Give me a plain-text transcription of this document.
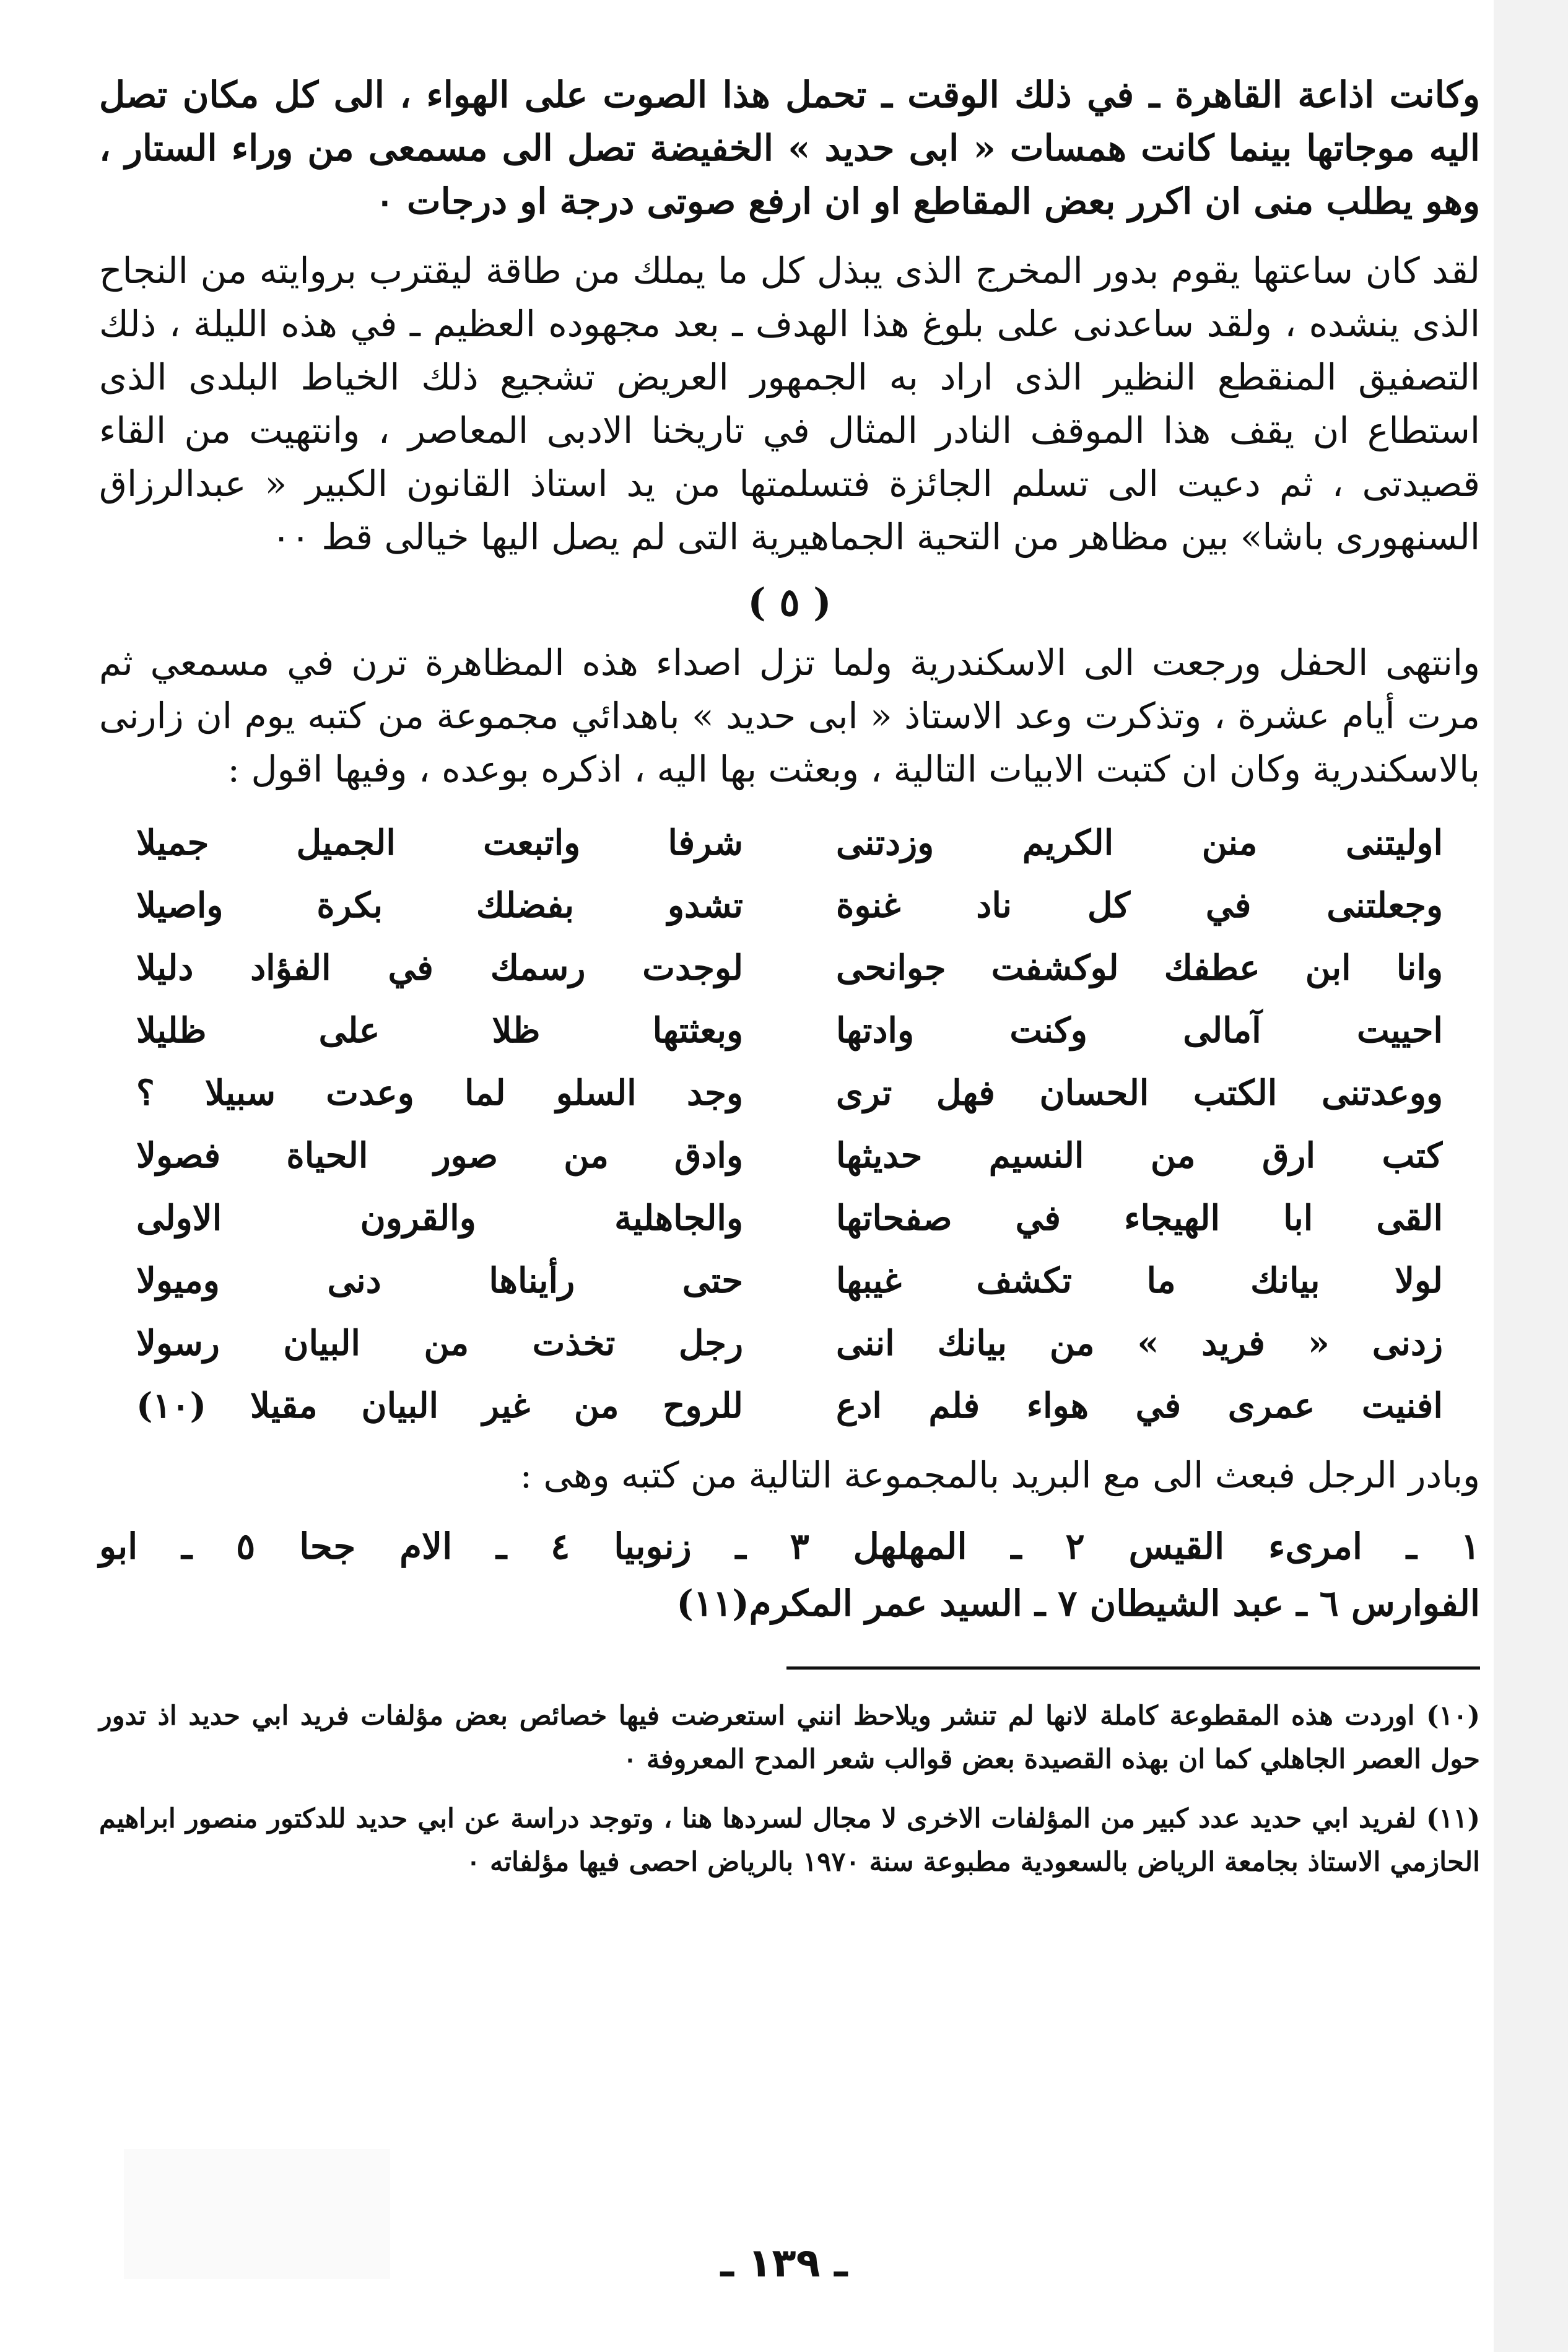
وكانت اذاعة القاهرة ـ في ذلك الوقت ـ تحمل هذا الصوت على الهواء ، الى كل مكان تصل اليه موجاتها بينما كانت همسات « ابى حديد » الخفيضة تصل الى مسمعى من وراء الستار ، وهو يطلب منى ان اكرر بعض المقاطع او ان ارفع صوتى درجة او درجات ٠

لقد كان ساعتها يقوم بدور المخرج الذى يبذل كل ما يملك من طاقة ليقترب بروايته من النجاح الذى ينشده ، ولقد ساعدنى على بلوغ هذا الهدف ـ بعد مجهوده العظيم ـ في هذه الليلة ، ذلك التصفيق المنقطع النظير الذى اراد به الجمهور العريض تشجيع ذلك الخياط البلدى الذى استطاع ان يقف هذا الموقف النادر المثال في تاريخنا الادبى المعاصر ، وانتهيت من القاء قصيدتى ، ثم دعيت الى تسلم الجائزة فتسلمتها من يد استاذ القانون الكبير « عبدالرزاق السنهورى باشا» بين مظاهر من التحية الجماهيرية التى لم يصل اليها خيالى قط ٠٠

( ٥ )

وانتهى الحفل ورجعت الى الاسكندرية ولما تزل اصداء هذه المظاهرة ترن في مسمعي ثم مرت أيام عشرة ، وتذكرت وعد الاستاذ « ابى حديد » باهدائي مجموعة من كتبه يوم ان زارنى بالاسكندرية وكان ان كتبت الابيات التالية ، وبعثت بها اليه ، اذكره بوعده ، وفيها اقول :

اوليتنى منن الكريم وزدتنى
شرفا واتبعت الجميل جميلا
وجعلتنى في كل ناد غنوة
تشدو بفضلك بكرة واصيلا
وانا ابن عطفك لوكشفت جوانحى
لوجدت رسمك في الفؤاد دليلا
احييت آمالى وكنت وادتها
وبعثتها ظلا على ظليلا
ووعدتنى الكتب الحسان فهل ترى
وجد السلو لما وعدت سبيلا ؟
كتب ارق من النسيم حديثها
وادق من صور الحياة فصولا
القى ابا الهيجاء في صفحاتها
والجاهلية والقرون الاولى
لولا بيانك ما تكشف غيبها
حتى رأيناها دنى وميولا
زدنى « فريد » من بيانك اننى
رجل تخذت من البيان رسولا
افنيت عمرى في هواء فلم ادع
للروح من غير البيان مقيلا (١٠)

وبادر الرجل فبعث الى مع البريد بالمجموعة التالية من كتبه وهى :

١ ـ امرىء القيس ٢ ـ المهلهل ٣ ـ زنوبيا ٤ ـ الام جحا ٥ ـ ابو

الفوارس ٦ ـ عبد الشيطان ٧ ـ السيد عمر المكرم(١١)

(١٠) اوردت هذه المقطوعة كاملة لانها لم تنشر ويلاحظ انني استعرضت فيها خصائص بعض مؤلفات فريد ابي حديد اذ تدور حول العصر الجاهلي كما ان بهذه القصيدة بعض قوالب شعر المدح المعروفة ٠

(١١) لفريد ابي حديد عدد كبير من المؤلفات الاخرى لا مجال لسردها هنا ، وتوجد دراسة عن ابي حديد للدكتور منصور ابراهيم الحازمي الاستاذ بجامعة الرياض بالسعودية مطبوعة سنة ١٩٧٠ بالرياض احصى فيها مؤلفاته ٠

ـ ١٣٩ ـ
